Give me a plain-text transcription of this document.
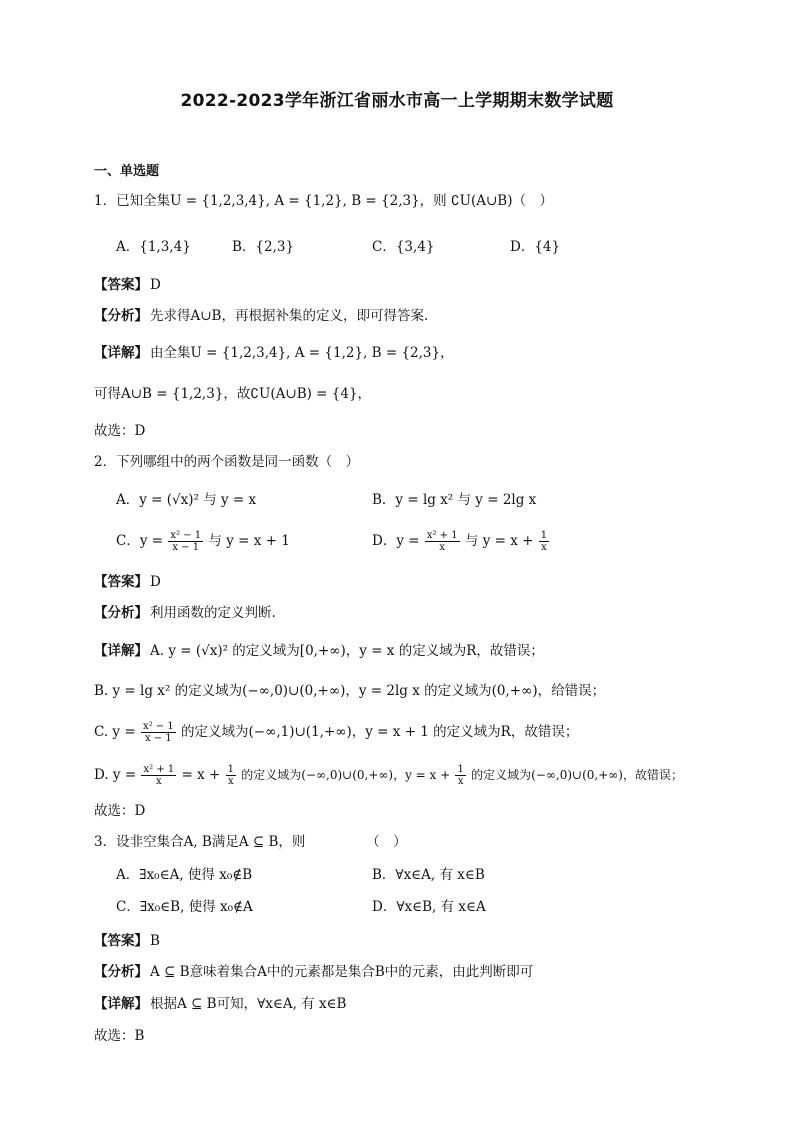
2022-2023学年浙江省丽水市高一上学期期末数学试题
一、单选题
1．已知全集U = {1,2,3,4}, A = {1,2}, B = {2,3}，则 ∁U(A∪B)（　）
A．{1,3,4}	B．{2,3}	C．{3,4}	D．{4}
【答案】 D
【分析】 先求得A∪B，再根据补集的定义，即可得答案.
【详解】 由全集U = {1,2,3,4}, A = {1,2}, B = {2,3}，
可得A∪B = {1,2,3}，故∁U(A∪B) = {4}，
故选：D
2．下列哪组中的两个函数是同一函数（　）
A．y = (√x)² 与 y = x	B．y = lg x² 与 y = 2lg x
C．$y = \frac{\text{x² − 1}}{x - 1}$ 与 y = x + 1	D．$y = \frac{\text{x² + 1}}{x}$ 与 $y = x + \frac{1}{x}$
【答案】 D
【分析】 利用函数的定义判断.
【详解】 A. y = (√x)² 的定义域为[0,+∞)，y = x 的定义域为R，故错误；
B. y = lg x² 的定义域为(−∞,0)∪(0,+∞)，y = 2lg x 的定义域为(0,+∞)，给错误；
C. $y = \frac{\text{x² − 1}}{x - 1}$ 的定义域为(−∞,1)∪(1,+∞)，y = x + 1 的定义域为R，故错误；
D. $y = \frac{\text{x² + 1}}{x} = x + \frac{1}{x}$ 的定义域为(−∞,0)∪(0,+∞)，$y = x + \frac{1}{x}$ 的定义域为(−∞,0)∪(0,+∞)，故错误；
故选：D
3．设非空集合A, B满足A ⊆ B，则　　　　　（　）
A．∃x₀∈A, 使得 x₀∉B	B．∀x∈A, 有 x∈B
C．∃x₀∈B, 使得 x₀∉A	D．∀x∈B, 有 x∈A
【答案】 B
【分析】 A ⊆ B意味着集合A中的元素都是集合B中的元素，由此判断即可
【详解】 根据A ⊆ B可知，∀x∈A, 有 x∈B
故选：B
